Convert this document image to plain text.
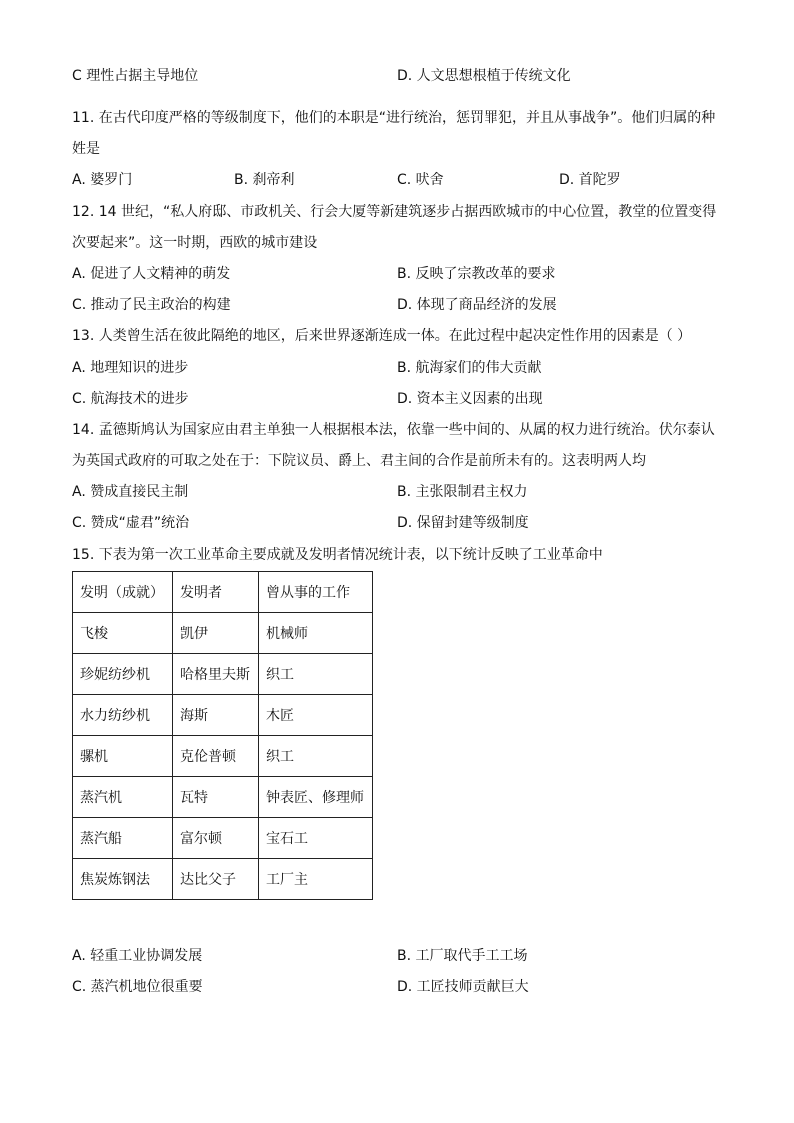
C 理性占据主导地位	D. 人文思想根植于传统文化
11. 在古代印度严格的等级制度下，他们的本职是“进行统治，惩罚罪犯，并且从事战争”。他们归属的种
姓是
A. 婆罗门	B. 刹帝利	C. 吠舍	D. 首陀罗
12. 14 世纪，“私人府邸、市政机关、行会大厦等新建筑逐步占据西欧城市的中心位置，教堂的位置变得
次要起来”。这一时期，西欧的城市建设
A. 促进了人文精神的萌发	B. 反映了宗教改革的要求
C. 推动了民主政治的构建	D. 体现了商品经济的发展
13. 人类曾生活在彼此隔绝的地区，后来世界逐渐连成一体。在此过程中起决定性作用的因素是（ ）
A. 地理知识的进步	B. 航海家们的伟大贡献
C. 航海技术的进步	D. 资本主义因素的出现
14. 孟德斯鸠认为国家应由君主单独一人根据根本法，依靠一些中间的、从属的权力进行统治。伏尔泰认
为英国式政府的可取之处在于：下院议员、爵上、君主间的合作是前所未有的。这表明两人均
A. 赞成直接民主制	B. 主张限制君主权力
C. 赞成“虚君”统治	D. 保留封建等级制度
15. 下表为第一次工业革命主要成就及发明者情况统计表，以下统计反映了工业革命中
发明（成就）	发明者	曾从事的工作
飞梭	凯伊	机械师
珍妮纺纱机	哈格里夫斯	织工
水力纺纱机	海斯	木匠
骡机	克伦普顿	织工
蒸汽机	瓦特	钟表匠、修理师
蒸汽船	富尔顿	宝石工
焦炭炼钢法	达比父子	工厂主
A. 轻重工业协调发展	B. 工厂取代手工工场
C. 蒸汽机地位很重要	D. 工匠技师贡献巨大
